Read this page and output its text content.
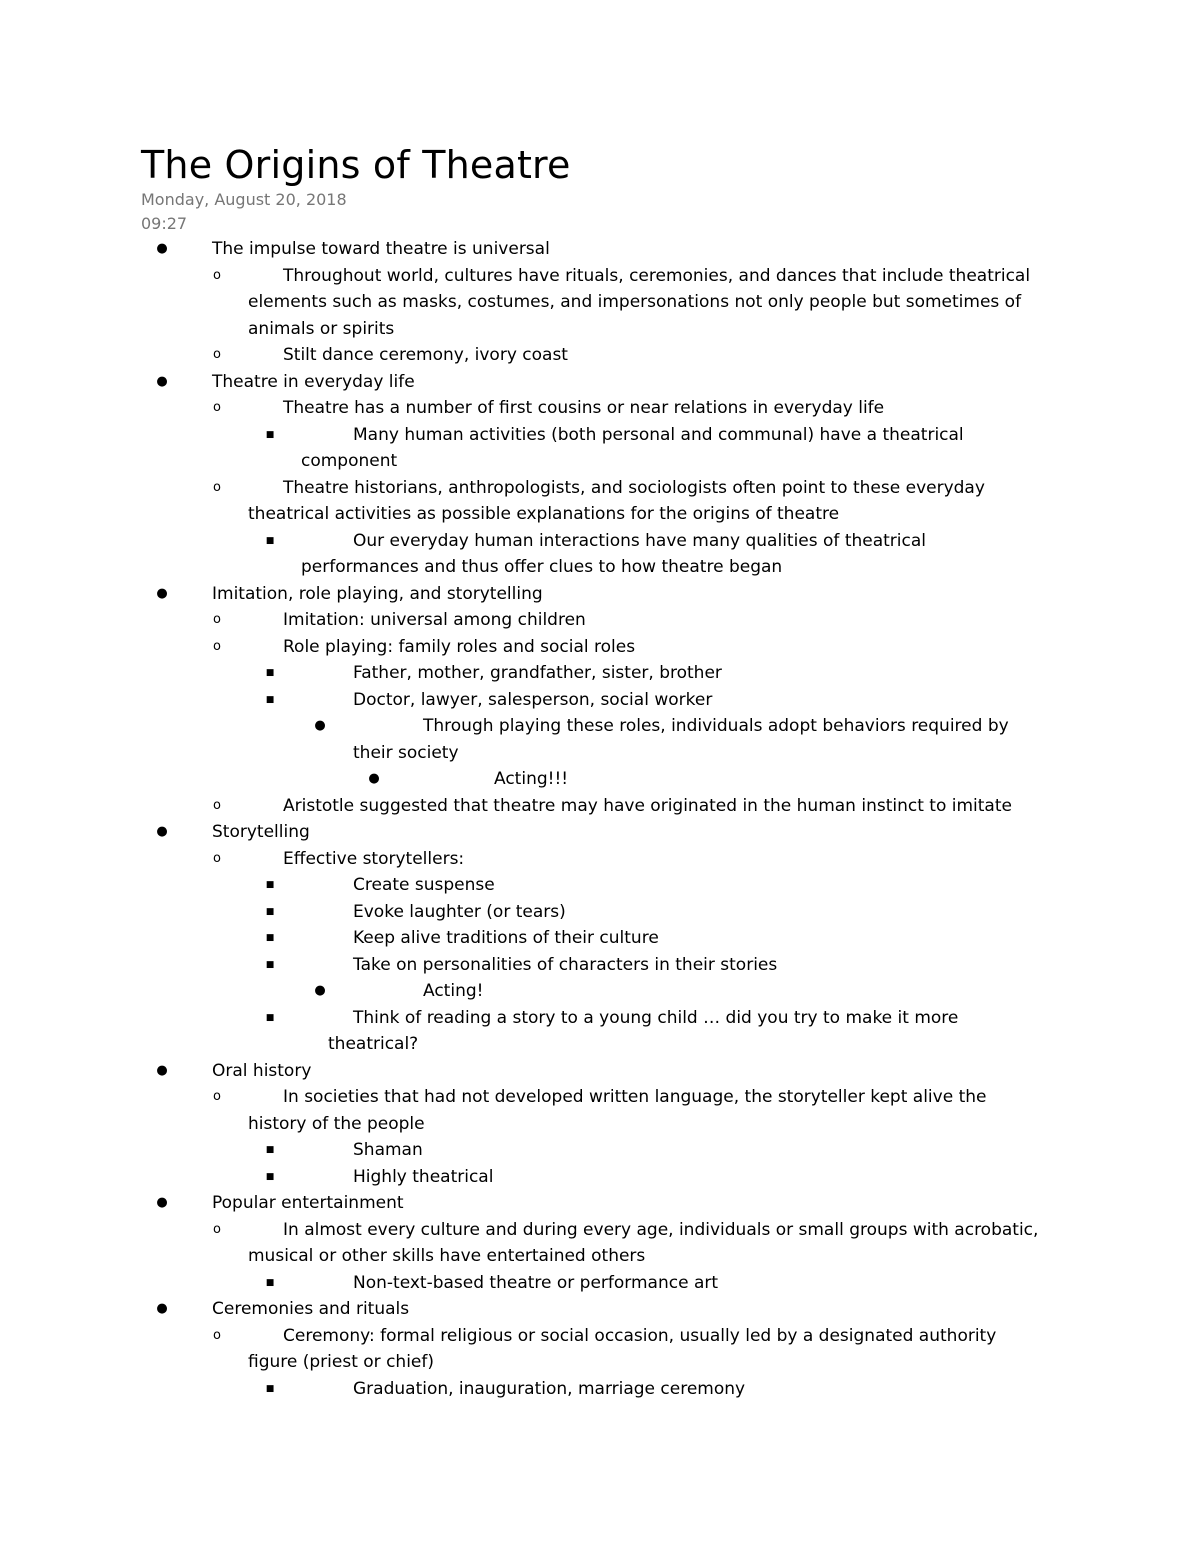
The Origins of Theatre
Monday, August 20, 2018
09:27
●	The impulse toward theatre is universal
o	Throughout world, cultures have rituals, ceremonies, and dances that include theatrical
elements such as masks, costumes, and impersonations not only people but sometimes of
animals or spirits
o	Stilt dance ceremony, ivory coast
●	Theatre in everyday life
o	Theatre has a number of first cousins or near relations in everyday life
■	Many human activities (both personal and communal) have a theatrical
component
o	Theatre historians, anthropologists, and sociologists often point to these everyday
theatrical activities as possible explanations for the origins of theatre
■	Our everyday human interactions have many qualities of theatrical
performances and thus offer clues to how theatre began
●	Imitation, role playing, and storytelling
o	Imitation: universal among children
o	Role playing: family roles and social roles
■	Father, mother, grandfather, sister, brother
■	Doctor, lawyer, salesperson, social worker
●	Through playing these roles, individuals adopt behaviors required by
their society
●	Acting!!!
o	Aristotle suggested that theatre may have originated in the human instinct to imitate
●	Storytelling
o	Effective storytellers:
■	Create suspense
■	Evoke laughter (or tears)
■	Keep alive traditions of their culture
■	Take on personalities of characters in their stories
●	Acting!
■	Think of reading a story to a young child … did you try to make it more
theatrical?
●	Oral history
o	In societies that had not developed written language, the storyteller kept alive the
history of the people
■	Shaman
■	Highly theatrical
●	Popular entertainment
o	In almost every culture and during every age, individuals or small groups with acrobatic,
musical or other skills have entertained others
■	Non-text-based theatre or performance art
●	Ceremonies and rituals
o	Ceremony: formal religious or social occasion, usually led by a designated authority
figure (priest or chief)
■	Graduation, inauguration, marriage ceremony
